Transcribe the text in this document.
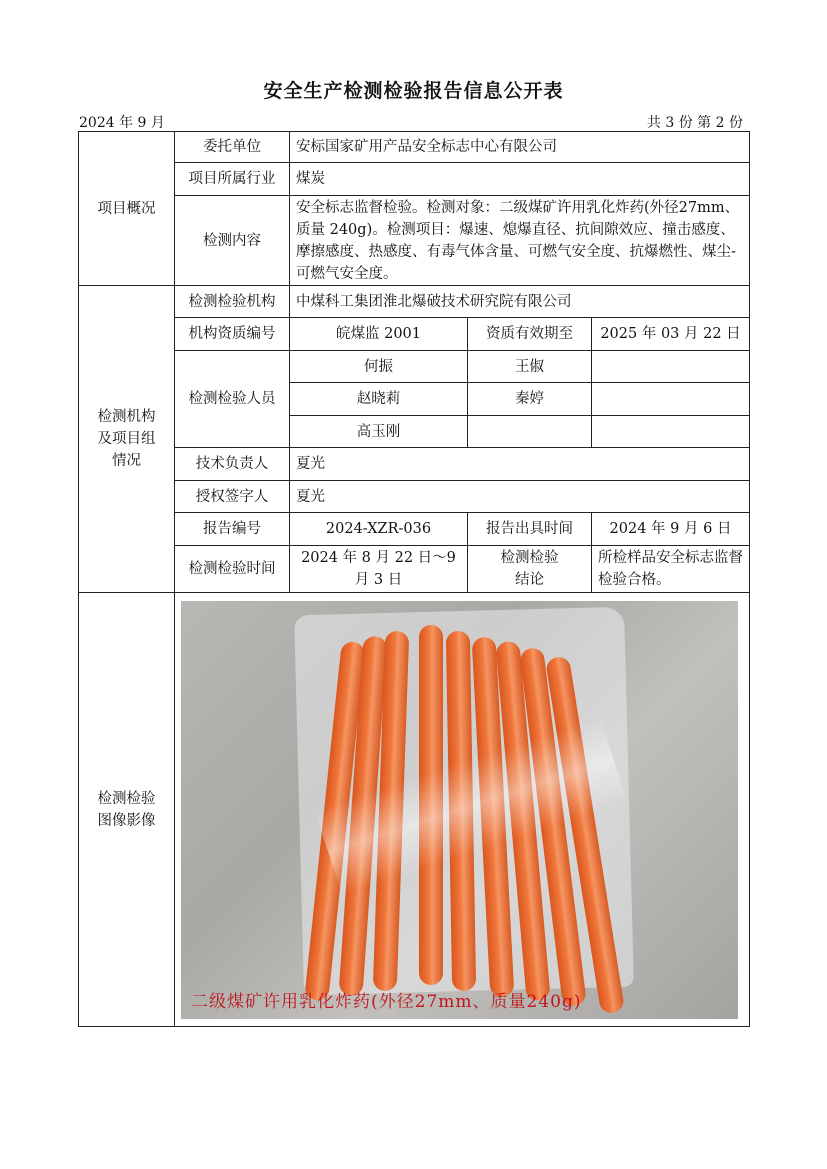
安全生产检测检验报告信息公开表
2024 年 9 月	共 3 份 第 2 份
项目概况	委托单位	安标国家矿用产品安全标志中心有限公司		
	项目所属行业	煤炭		
	检测内容	安全标志监督检验。检测对象：二级煤矿许用乳化炸药(外径27mm、质量 240g)。检测项目：爆速、熄爆直径、抗间隙效应、撞击感度、摩擦感度、热感度、有毒气体含量、可燃气安全度、抗爆燃性、煤尘-可燃气安全度。		

检测机构及项目组情况	检测检验机构	中煤科工集团淮北爆破技术研究院有限公司		
	机构资质编号	皖煤监 2001	资质有效期至	2025 年 03 月 22 日
	检测检验人员	何振	王俶	
		赵晓莉	秦婷	
		高玉刚		
	技术负责人	夏光		
	授权签字人	夏光		
	报告编号	2024-XZR-036	报告出具时间	2024 年 9 月 6 日
	检测检验时间	2024 年 8 月 22 日～9 月 3 日	检测检验结论	所检样品安全标志监督检验合格。

检测检验图像影像	二级煤矿许用乳化炸药(外径27mm、质量240g)			
